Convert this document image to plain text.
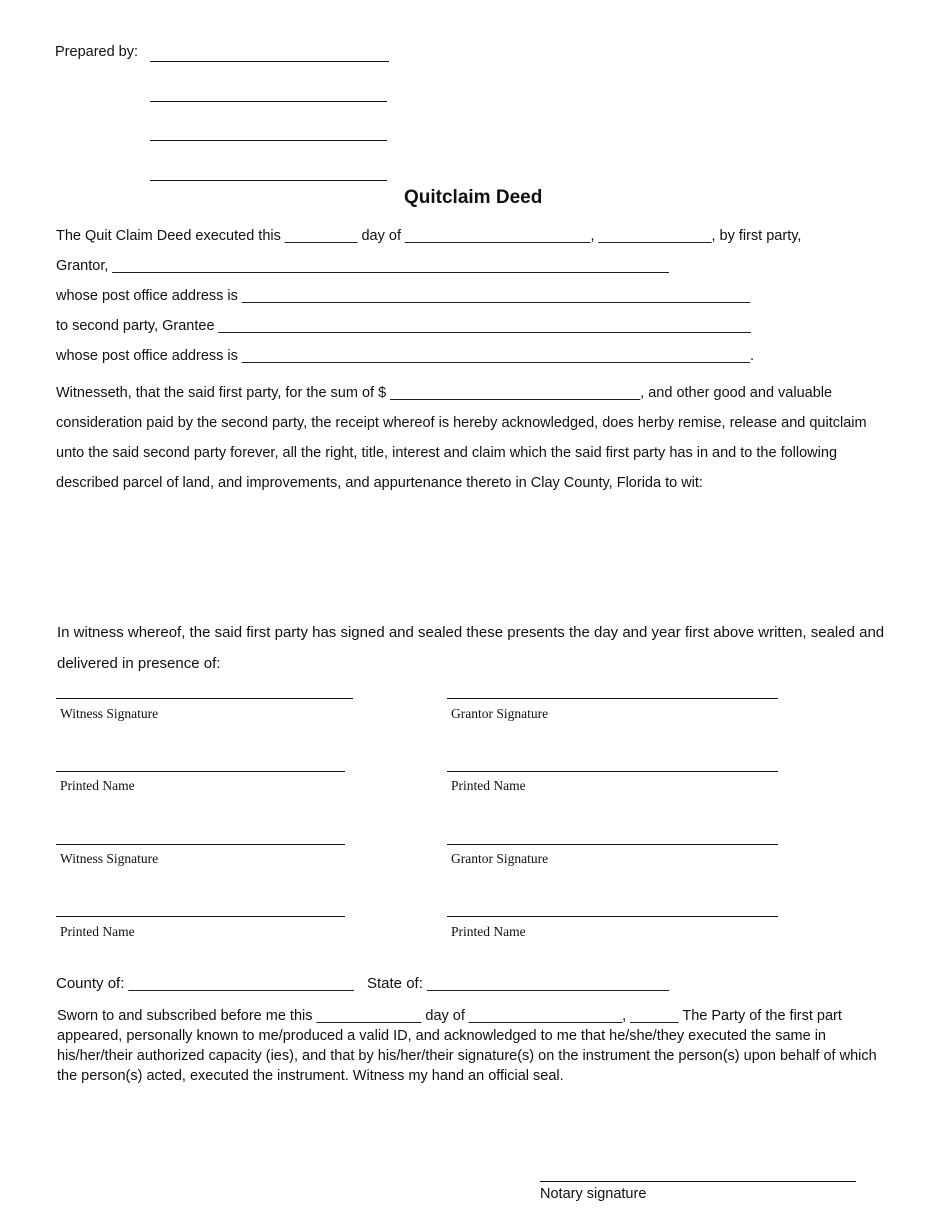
Prepared by:
Quitclaim Deed
The Quit Claim Deed executed this _________ day of _______________________, ______________, by first party,
Grantor, _____________________________________________________________________
whose post office address is _______________________________________________________________
to second party, Grantee __________________________________________________________________
whose post office address is _______________________________________________________________.
Witnesseth, that the said first party, for the sum of $ _______________________________, and other good and valuable consideration paid by the second party, the receipt whereof is hereby acknowledged, does herby remise, release and quitclaim unto the said second party forever, all the right, title, interest and claim which the said first party has in and to the following described parcel of land, and improvements, and appurtenance thereto in Clay County, Florida to wit:
In witness whereof, the said first party has signed and sealed these presents the day and year first above written, sealed and delivered in presence of:
Witness Signature	Grantor Signature
Printed Name	Printed Name
Witness Signature	Grantor Signature
Printed Name	Printed Name
County of: ___________________________ State of: _____________________________
Sworn to and subscribed before me this _____________ day of ___________________, ______ The Party of the first part appeared, personally known to me/produced a valid ID, and acknowledged to me that he/she/they executed the same in his/her/their authorized capacity (ies), and that by his/her/their signature(s) on the instrument the person(s) upon behalf of which the person(s) acted, executed the instrument. Witness my hand an official seal.
Notary signature
